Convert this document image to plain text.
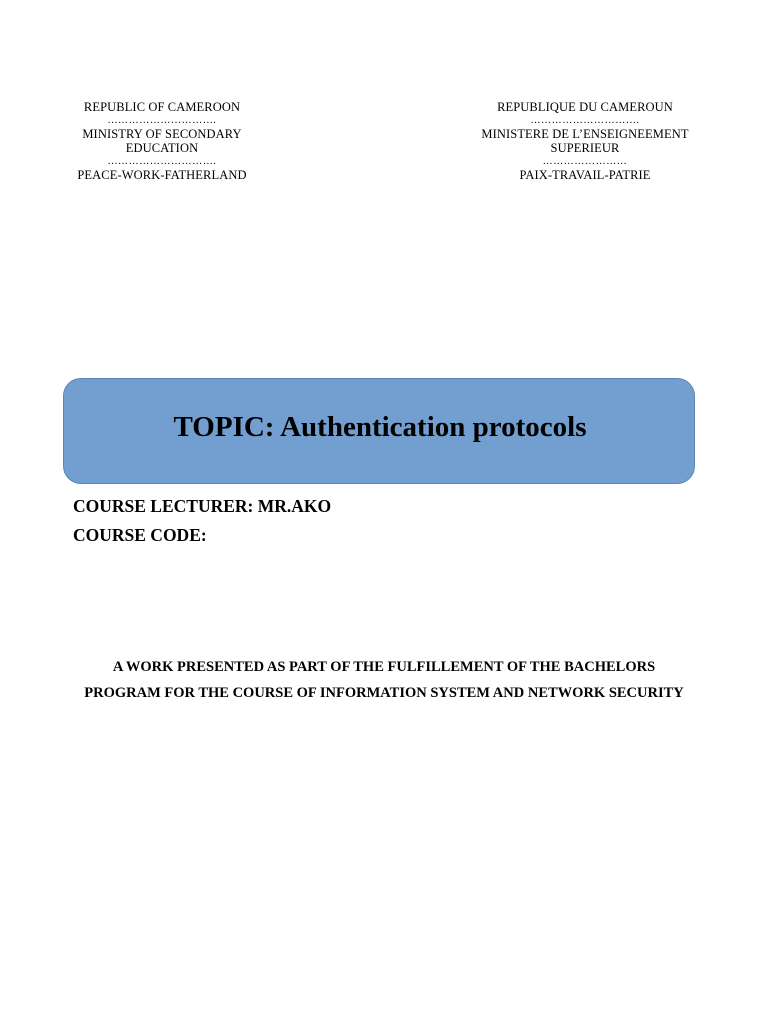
REPUBLIC OF CAMEROON
………………………….
MINISTRY OF SECONDARY EDUCATION
………………………….
PEACE-WORK-FATHERLAND
REPUBLIQUE DU CAMEROUN
………………………….
MINISTERE DE L’ENSEIGNEEMENT SUPERIEUR
……………………
PAIX-TRAVAIL-PATRIE
TOPIC: Authentication protocols
COURSE LECTURER: MR.AKO
COURSE CODE:
A WORK PRESENTED AS PART OF THE FULFILLEMENT OF THE BACHELORS PROGRAM FOR THE COURSE OF INFORMATION SYSTEM AND NETWORK SECURITY
